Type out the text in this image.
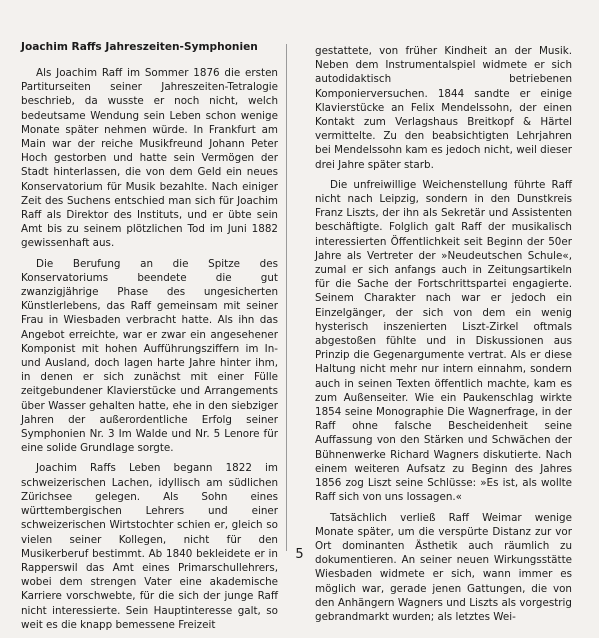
Joachim Raffs Jahreszeiten-Symphonien

Als Joachim Raff im Sommer 1876 die ersten Partiturseiten seiner Jahreszeiten-Tetralogie beschrieb, da wusste er noch nicht, welch bedeutsame Wendung sein Leben schon wenige Monate später nehmen würde. In Frankfurt am Main war der reiche Musikfreund Johann Peter Hoch gestorben und hatte sein Vermögen der Stadt hinterlassen, die von dem Geld ein neues Konservatorium für Musik bezahlte. Nach einiger Zeit des Suchens entschied man sich für Joachim Raff als Direktor des Instituts, und er übte sein Amt bis zu seinem plötzlichen Tod im Juni 1882 gewissenhaft aus.

Die Berufung an die Spitze des Konservatoriums beendete die gut zwanzigjährige Phase des ungesicherten Künstlerlebens, das Raff gemeinsam mit seiner Frau in Wiesbaden verbracht hatte. Als ihn das Angebot erreichte, war er zwar ein angesehener Komponist mit hohen Aufführungsziffern im In- und Ausland, doch lagen harte Jahre hinter ihm, in denen er sich zunächst mit einer Fülle zeitgebundener Klavierstücke und Arrangements über Wasser gehalten hatte, ehe in den siebziger Jahren der außerordentliche Erfolg seiner Symphonien Nr. 3 Im Walde und Nr. 5 Lenore für eine solide Grundlage sorgte.

Joachim Raffs Leben begann 1822 im schweizerischen Lachen, idyllisch am südlichen Zürichsee gelegen. Als Sohn eines württembergischen Lehrers und einer schweizerischen Wirtstochter schien er, gleich so vielen seiner Kollegen, nicht für den Musikerberuf bestimmt. Ab 1840 bekleidete er in Rapperswil das Amt eines Primarschullehrers, wobei dem strengen Vater eine akademische Karriere vorschwebte, für die sich der junge Raff nicht interessierte. Sein Hauptinteresse galt, so weit es die knapp bemessene Freizeit

gestattete, von früher Kindheit an der Musik. Neben dem Instrumentalspiel widmete er sich autodidaktisch betriebenen Komponierversuchen. 1844 sandte er einige Klavierstücke an Felix Mendelssohn, der einen Kontakt zum Verlagshaus Breitkopf & Härtel vermittelte. Zu den beabsichtigten Lehrjahren bei Mendelssohn kam es jedoch nicht, weil dieser drei Jahre später starb.

Die unfreiwillige Weichenstellung führte Raff nicht nach Leipzig, sondern in den Dunstkreis Franz Liszts, der ihn als Sekretär und Assistenten beschäftigte. Folglich galt Raff der musikalisch interessierten Öffentlichkeit seit Beginn der 50er Jahre als Vertreter der »Neudeutschen Schule«, zumal er sich anfangs auch in Zeitungsartikeln für die Sache der Fortschrittspartei engagierte. Seinem Charakter nach war er jedoch ein Einzelgänger, der sich von dem ein wenig hysterisch inszenierten Liszt-Zirkel oftmals abgestoßen fühlte und in Diskussionen aus Prinzip die Gegenargumente vertrat. Als er diese Haltung nicht mehr nur intern einnahm, sondern auch in seinen Texten öffentlich machte, kam es zum Außenseiter. Wie ein Paukenschlag wirkte 1854 seine Monographie Die Wagnerfrage, in der Raff ohne falsche Bescheidenheit seine Auffassung von den Stärken und Schwächen der Bühnenwerke Richard Wagners diskutierte. Nach einem weiteren Aufsatz zu Beginn des Jahres 1856 zog Liszt seine Schlüsse: »Es ist, als wollte Raff sich von uns lossagen.«

Tatsächlich verließ Raff Weimar wenige Monate später, um die verspürte Distanz zur vor Ort dominanten Ästhetik auch räumlich zu dokumentieren. An seiner neuen Wirkungsstätte Wiesbaden widmete er sich, wann immer es möglich war, gerade jenen Gattungen, die von den Anhängern Wagners und Liszts als vorgestrig gebrandmarkt wurden; als letztes Wei-

5
